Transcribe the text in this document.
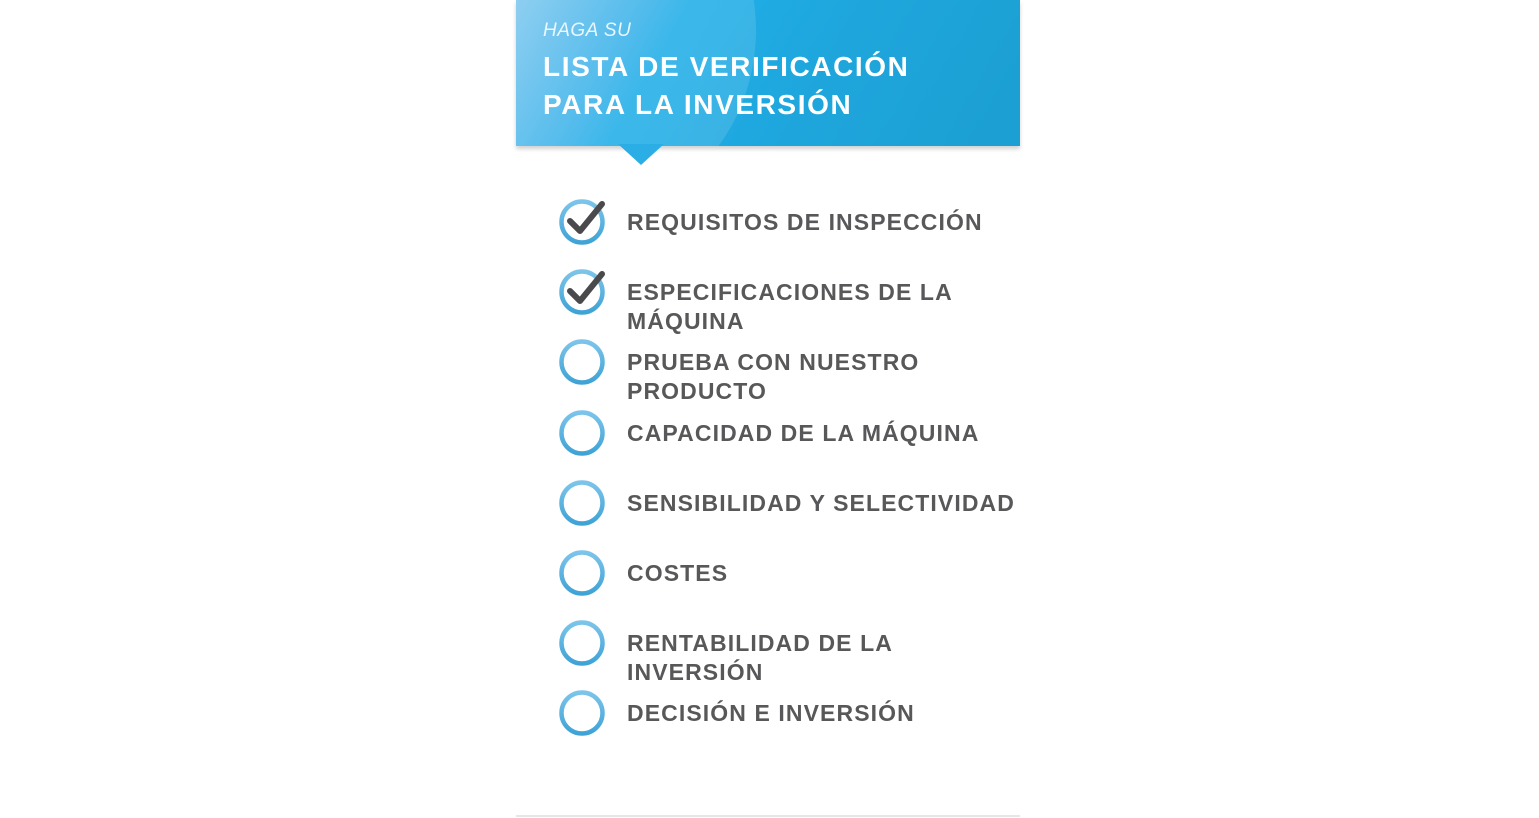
HAGA SU
LISTA DE VERIFICACIÓN
PARA LA INVERSIÓN
REQUISITOS DE INSPECCIÓN
ESPECIFICACIONES DE LA MÁQUINA
PRUEBA CON NUESTRO PRODUCTO
CAPACIDAD DE LA MÁQUINA
SENSIBILIDAD Y SELECTIVIDAD
COSTES
RENTABILIDAD DE LA INVERSIÓN
DECISIÓN E INVERSIÓN
